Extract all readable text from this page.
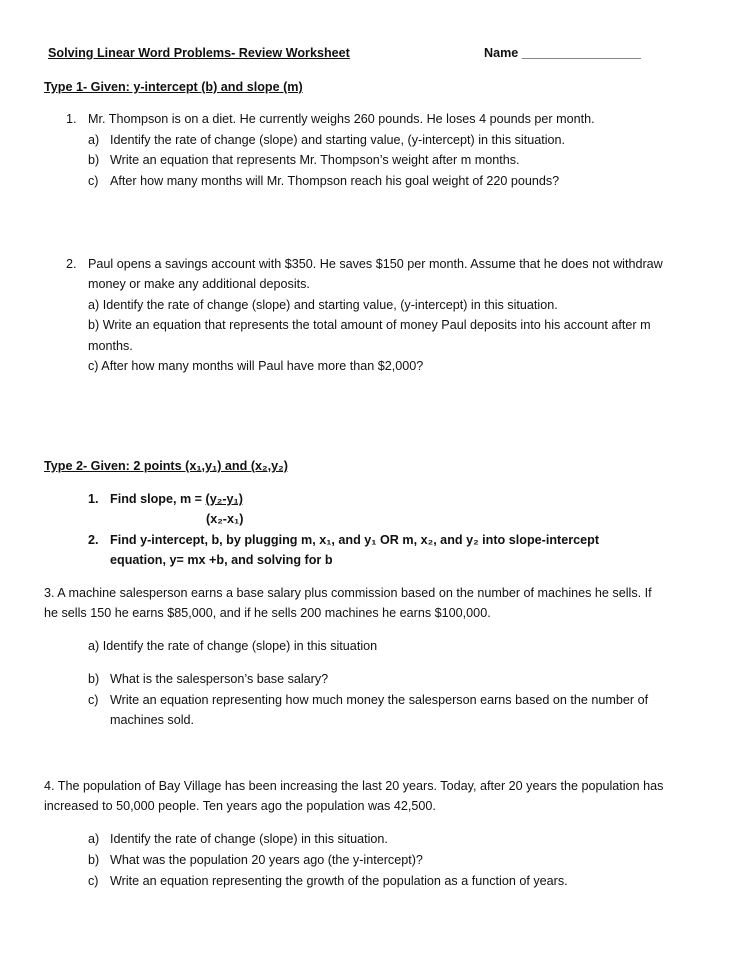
Solving Linear Word Problems- Review Worksheet	Name _________________
Type 1- Given: y-intercept (b) and slope (m)
1. Mr. Thompson is on a diet. He currently weighs 260 pounds. He loses 4 pounds per month.
a) Identify the rate of change (slope) and starting value, (y-intercept) in this situation.
b) Write an equation that represents Mr. Thompson’s weight after m months.
c) After how many months will Mr. Thompson reach his goal weight of 220 pounds?
2. Paul opens a savings account with $350. He saves $150 per month. Assume that he does not withdraw
money or make any additional deposits.
a) Identify the rate of change (slope) and starting value, (y-intercept) in this situation.
b) Write an equation that represents the total amount of money Paul deposits into his account after m
months.
c) After how many months will Paul have more than $2,000?
Type 2- Given: 2 points (x₁,y₁) and (x₂,y₂)
1. Find slope, m = (y₂-y₁)
(x₂-x₁)
2. Find y-intercept, b, by plugging m, x₁, and y₁ OR m, x₂, and y₂ into slope-intercept
equation, y= mx +b, and solving for b
3. A machine salesperson earns a base salary plus commission based on the number of machines he sells. If
he sells 150 he earns $85,000, and if he sells 200 machines he earns $100,000.
a) Identify the rate of change (slope) in this situation
b) What is the salesperson’s base salary?
c) Write an equation representing how much money the salesperson earns based on the number of
machines sold.
4. The population of Bay Village has been increasing the last 20 years. Today, after 20 years the population has
increased to 50,000 people. Ten years ago the population was 42,500.
a) Identify the rate of change (slope) in this situation.
b) What was the population 20 years ago (the y-intercept)?
c) Write an equation representing the growth of the population as a function of years.
